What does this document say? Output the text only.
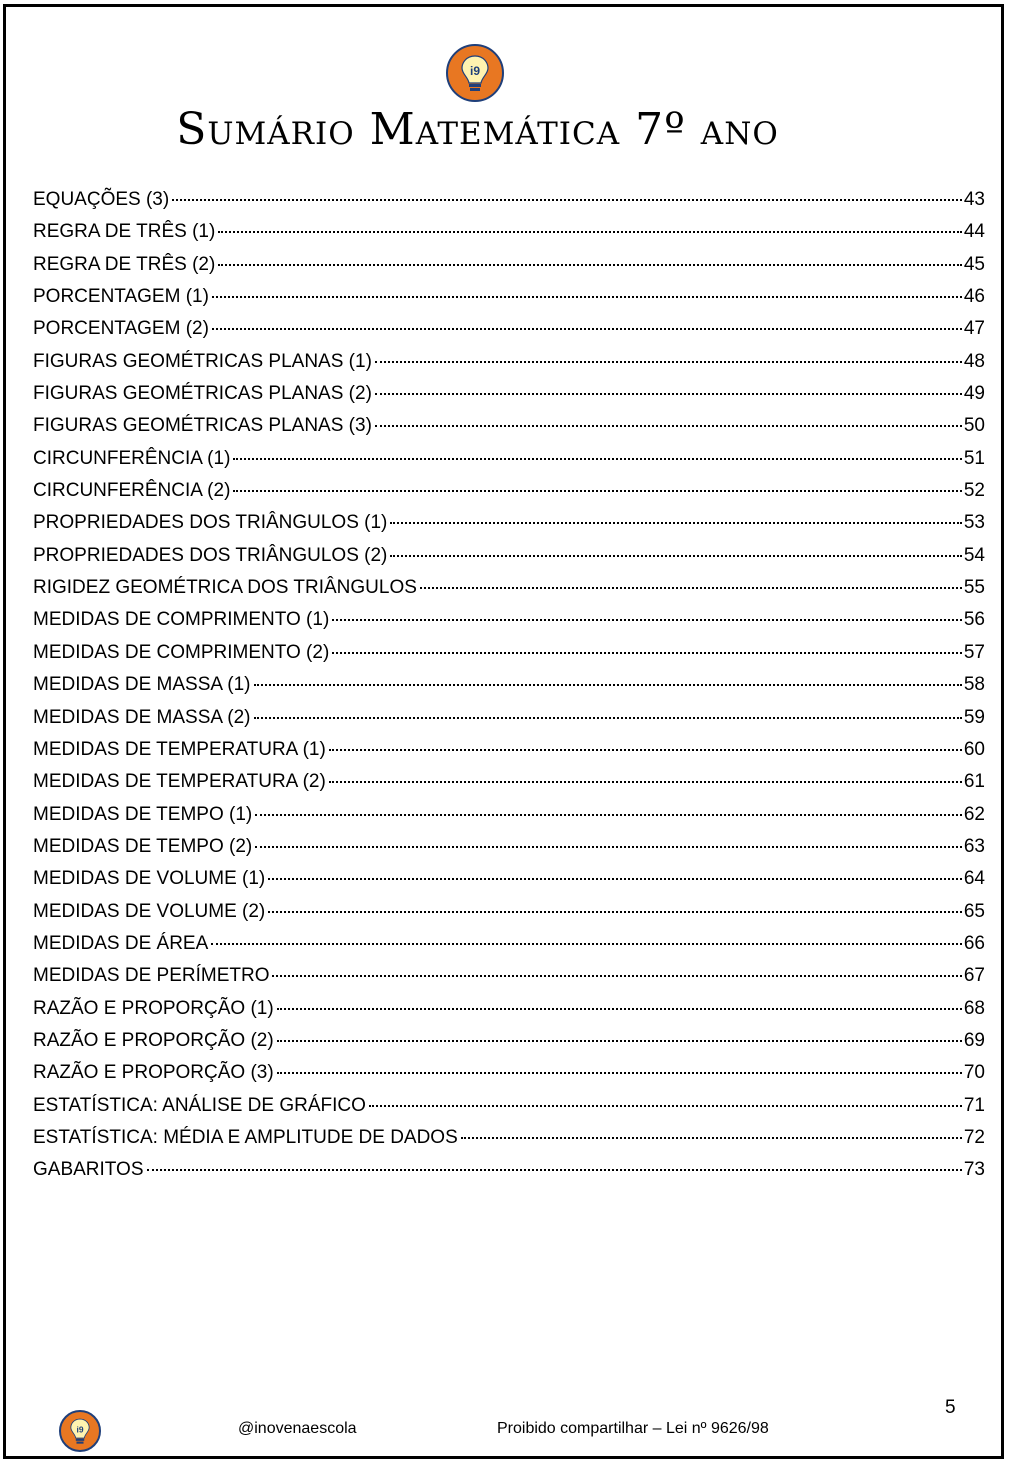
i9
Sumário Matemática 7º ano
EQUAÇÕES (3)	43
REGRA DE TRÊS (1)	44
REGRA DE TRÊS (2)	45
PORCENTAGEM (1)	46
PORCENTAGEM (2)	47
FIGURAS GEOMÉTRICAS PLANAS (1)	48
FIGURAS GEOMÉTRICAS PLANAS (2)	49
FIGURAS GEOMÉTRICAS PLANAS (3)	50
CIRCUNFERÊNCIA (1)	51
CIRCUNFERÊNCIA (2)	52
PROPRIEDADES DOS TRIÂNGULOS (1)	53
PROPRIEDADES DOS TRIÂNGULOS (2)	54
RIGIDEZ GEOMÉTRICA DOS TRIÂNGULOS	55
MEDIDAS DE COMPRIMENTO (1)	56
MEDIDAS DE COMPRIMENTO (2)	57
MEDIDAS DE MASSA (1)	58
MEDIDAS DE MASSA (2)	59
MEDIDAS DE TEMPERATURA (1)	60
MEDIDAS DE TEMPERATURA (2)	61
MEDIDAS DE TEMPO (1)	62
MEDIDAS DE TEMPO (2)	63
MEDIDAS DE VOLUME (1)	64
MEDIDAS DE VOLUME (2)	65
MEDIDAS DE ÁREA	66
MEDIDAS DE PERÍMETRO	67
RAZÃO E PROPORÇÃO (1)	68
RAZÃO E PROPORÇÃO (2)	69
RAZÃO E PROPORÇÃO (3)	70
ESTATÍSTICA: ANÁLISE DE GRÁFICO	71
ESTATÍSTICA: MÉDIA E AMPLITUDE DE DADOS	72
GABARITOS	73
5
i9	@inovenaescola	Proibido compartilhar – Lei nº 9626/98
